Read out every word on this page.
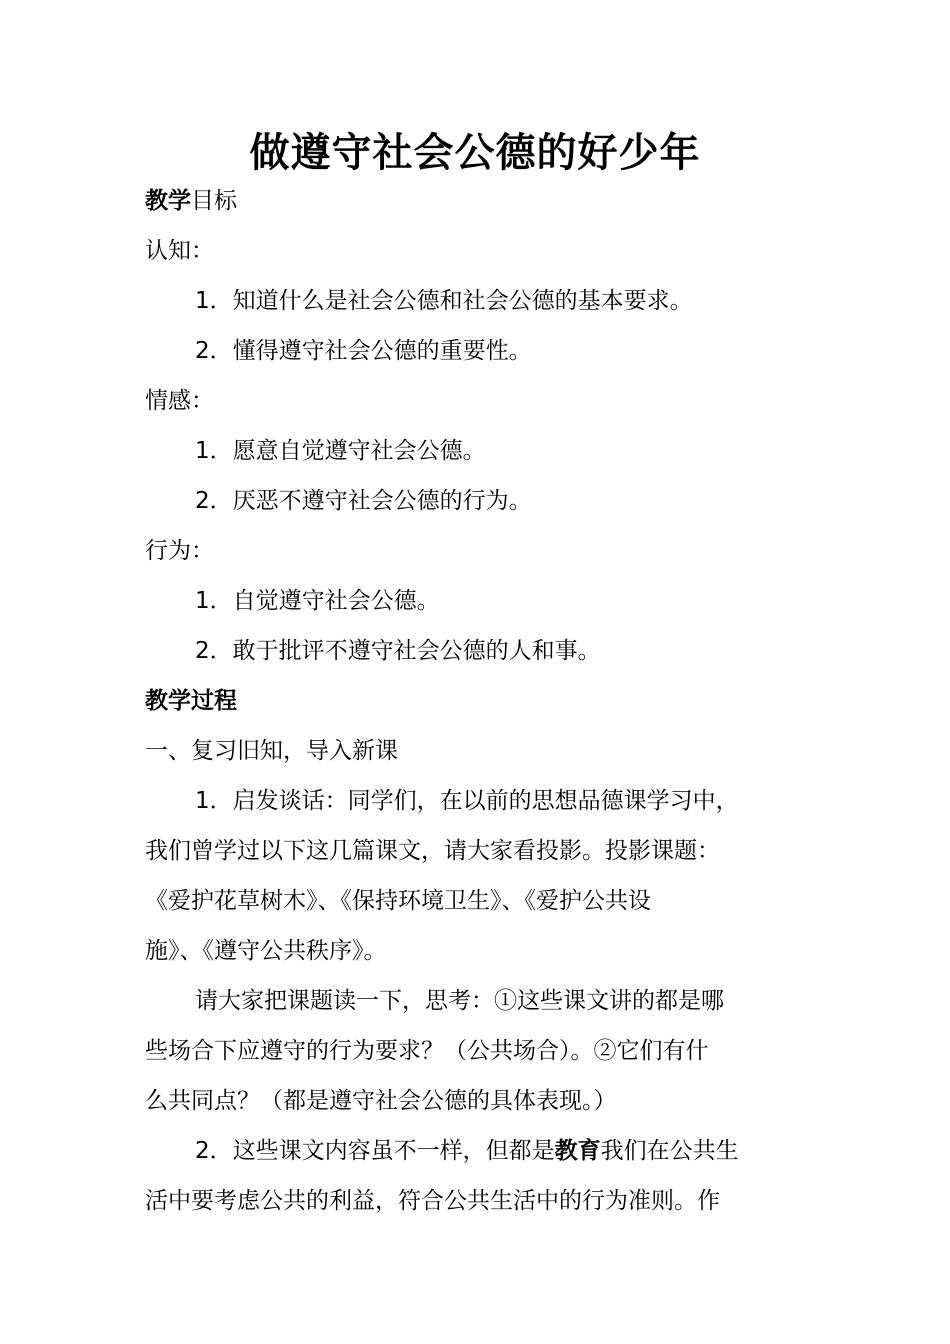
做遵守社会公德的好少年
教学目标
认知：
1．知道什么是社会公德和社会公德的基本要求。
2．懂得遵守社会公德的重要性。
情感：
1．愿意自觉遵守社会公德。
2．厌恶不遵守社会公德的行为。
行为：
1．自觉遵守社会公德。
2．敢于批评不遵守社会公德的人和事。
教学过程
一、复习旧知，导入新课
1．启发谈话：同学们，在以前的思想品德课学习中，
我们曾学过以下这几篇课文，请大家看投影。投影课题：
《爱护花草树木》、《保持环境卫生》、《爱护公共设
施》、《遵守公共秩序》。
请大家把课题读一下，思考：①这些课文讲的都是哪
些场合下应遵守的行为要求？（公共场合）。②它们有什
么共同点？（都是遵守社会公德的具体表现。）
2．这些课文内容虽不一样，但都是教育我们在公共生
活中要考虑公共的利益，符合公共生活中的行为准则。作
